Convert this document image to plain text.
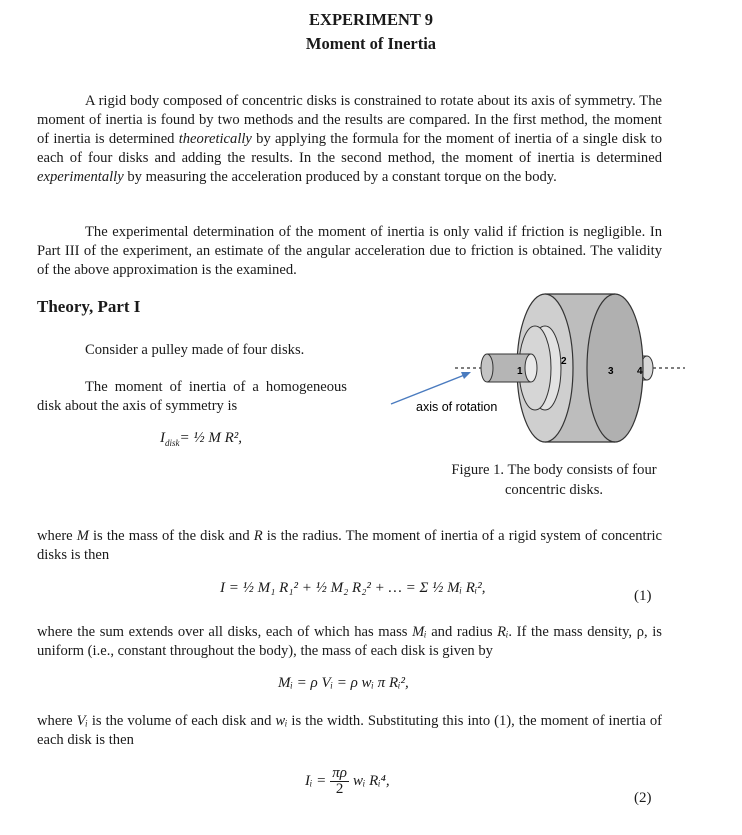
EXPERIMENT 9
Moment of Inertia

A rigid body composed of concentric disks is constrained to rotate about its axis of symmetry. The moment of inertia is found by two methods and the results are compared. In the first method, the moment of inertia is determined theoretically by applying the formula for the moment of inertia of a single disk to each of four disks and adding the results. In the second method, the moment of inertia is determined experimentally by measuring the acceleration produced by a constant torque on the body.

The experimental determination of the moment of inertia is only valid if friction is negligible. In Part III of the experiment, an estimate of the angular acceleration due to friction is obtained. The validity of the above approximation is the examined.

Theory, Part I

Consider a pulley made of four disks.

The moment of inertia of a homogeneous disk about the axis of symmetry is

$I_{disk}=$ ½ M R²,
1
2
3 4
axis of rotation
Figure 1. The body consists of four concentric disks.

where M is the mass of the disk and R is the radius. The moment of inertia of a rigid system of concentric disks is then

I = ½ M₁ R₁² + ½ M₂ R₂² + … = Σ ½ Mᵢ Rᵢ²,	(1)

where the sum extends over all disks, each of which has mass Mᵢ and radius Rᵢ. If the mass density, ρ, is uniform (i.e., constant throughout the body), the mass of each disk is given by

Mᵢ = ρ Vᵢ = ρ wᵢ π Rᵢ²,

where Vᵢ is the volume of each disk and wᵢ is the width. Substituting this into (1), the moment of inertia of each disk is then

Iᵢ = $\frac{\pi\rho}{2}$ wᵢ Rᵢ⁴,
(2)
